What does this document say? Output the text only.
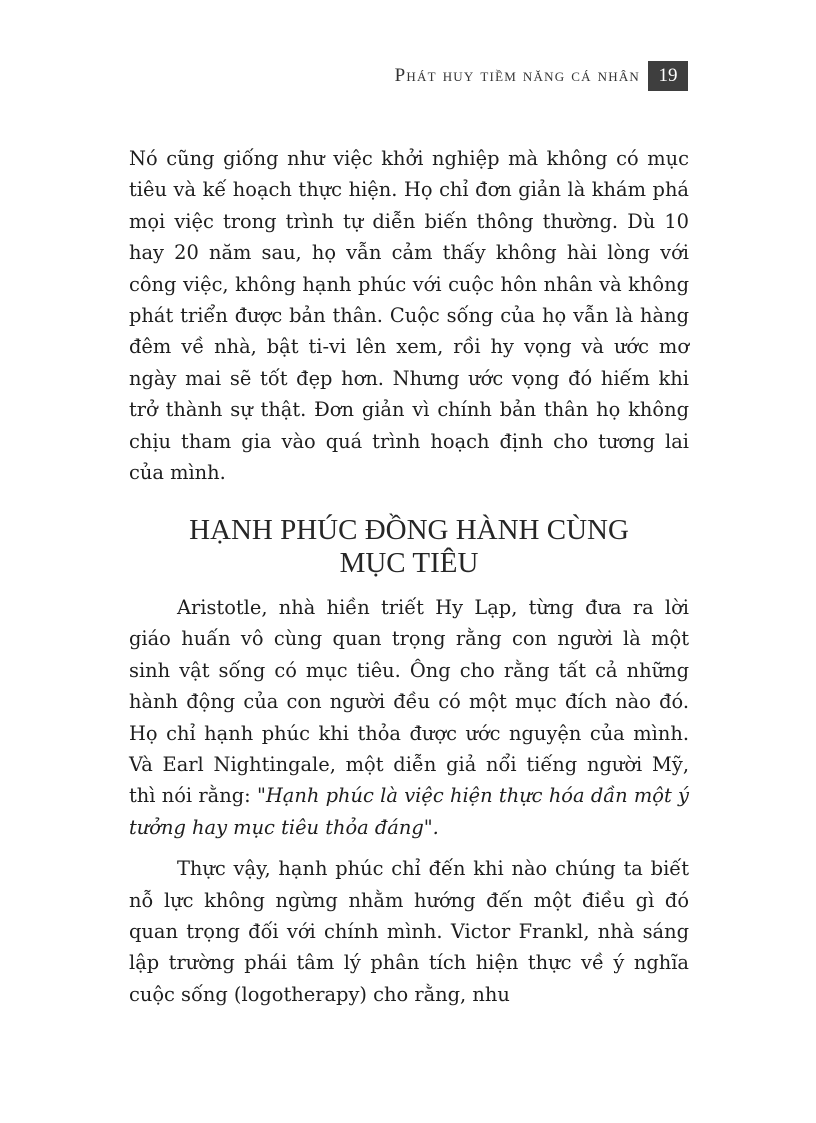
Phát huy tiềm năng cá nhân 19

Nó cũng giống như việc khởi nghiệp mà không có mục tiêu và kế hoạch thực hiện. Họ chỉ đơn giản là khám phá mọi việc trong trình tự diễn biến thông thường. Dù 10 hay 20 năm sau, họ vẫn cảm thấy không hài lòng với công việc, không hạnh phúc với cuộc hôn nhân và không phát triển được bản thân. Cuộc sống của họ vẫn là hàng đêm về nhà, bật ti-vi lên xem, rồi hy vọng và ước mơ ngày mai sẽ tốt đẹp hơn. Nhưng ước vọng đó hiếm khi trở thành sự thật. Đơn giản vì chính bản thân họ không chịu tham gia vào quá trình hoạch định cho tương lai của mình.

HẠNH PHÚC ĐỒNG HÀNH CÙNG
MỤC TIÊU

Aristotle, nhà hiền triết Hy Lạp, từng đưa ra lời giáo huấn vô cùng quan trọng rằng con người là một sinh vật sống có mục tiêu. Ông cho rằng tất cả những hành động của con người đều có một mục đích nào đó. Họ chỉ hạnh phúc khi thỏa được ước nguyện của mình. Và Earl Nightingale, một diễn giả nổi tiếng người Mỹ, thì nói rằng: "Hạnh phúc là việc hiện thực hóa dần một ý tưởng hay mục tiêu thỏa đáng".

Thực vậy, hạnh phúc chỉ đến khi nào chúng ta biết nỗ lực không ngừng nhằm hướng đến một điều gì đó quan trọng đối với chính mình. Victor Frankl, nhà sáng lập trường phái tâm lý phân tích hiện thực về ý nghĩa cuộc sống (logotherapy) cho rằng, nhu
